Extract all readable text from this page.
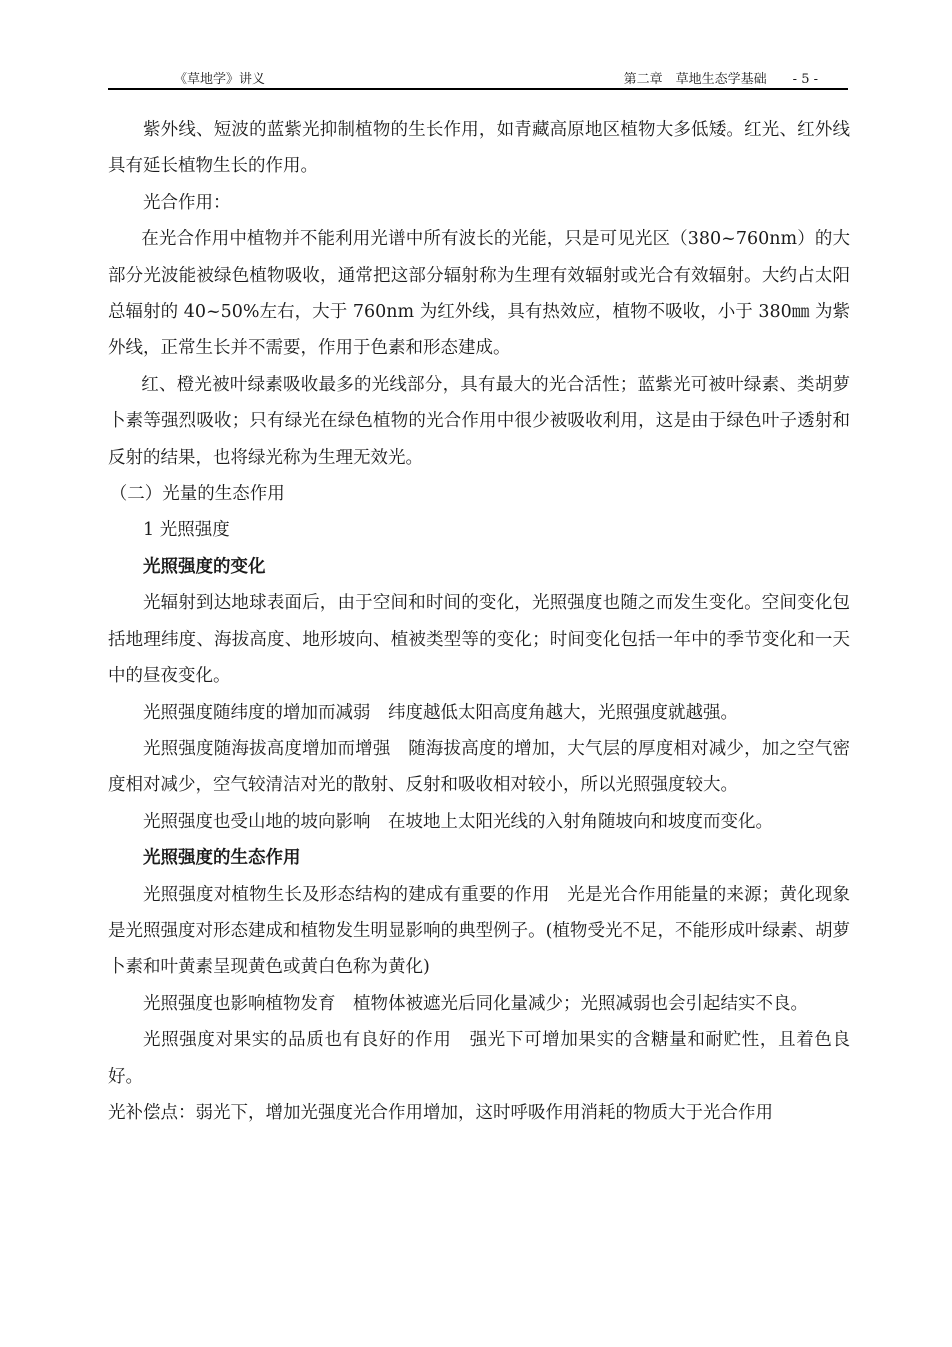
《草地学》讲义	第二章　草地生态学基础　　- 5 -

紫外线、短波的蓝紫光抑制植物的生长作用，如青藏高原地区植物大多低矮。红光、红外线具有延长植物生长的作用。

光合作用：

在光合作用中植物并不能利用光谱中所有波长的光能，只是可见光区（380~760nm）的大部分光波能被绿色植物吸收，通常把这部分辐射称为生理有效辐射或光合有效辐射。大约占太阳总辐射的 40~50%左右，大于 760nm 为红外线，具有热效应，植物不吸收，小于 380㎜ 为紫外线，正常生长并不需要，作用于色素和形态建成。

红、橙光被叶绿素吸收最多的光线部分，具有最大的光合活性；蓝紫光可被叶绿素、类胡萝卜素等强烈吸收；只有绿光在绿色植物的光合作用中很少被吸收利用，这是由于绿色叶子透射和反射的结果，也将绿光称为生理无效光。

（二）光量的生态作用

1 光照强度

光照强度的变化

光辐射到达地球表面后，由于空间和时间的变化，光照强度也随之而发生变化。空间变化包括地理纬度、海拔高度、地形坡向、植被类型等的变化；时间变化包括一年中的季节变化和一天中的昼夜变化。

光照强度随纬度的增加而减弱　纬度越低太阳高度角越大，光照强度就越强。

光照强度随海拔高度增加而增强　随海拔高度的增加，大气层的厚度相对减少，加之空气密度相对减少，空气较清洁对光的散射、反射和吸收相对较小，所以光照强度较大。

光照强度也受山地的坡向影响　在坡地上太阳光线的入射角随坡向和坡度而变化。

光照强度的生态作用

光照强度对植物生长及形态结构的建成有重要的作用　光是光合作用能量的来源；黄化现象是光照强度对形态建成和植物发生明显影响的典型例子。(植物受光不足，不能形成叶绿素、胡萝卜素和叶黄素呈现黄色或黄白色称为黄化)

光照强度也影响植物发育　植物体被遮光后同化量减少；光照减弱也会引起结实不良。

光照强度对果实的品质也有良好的作用　强光下可增加果实的含糖量和耐贮性，且着色良好。

光补偿点：弱光下，增加光强度光合作用增加，这时呼吸作用消耗的物质大于光合作用
